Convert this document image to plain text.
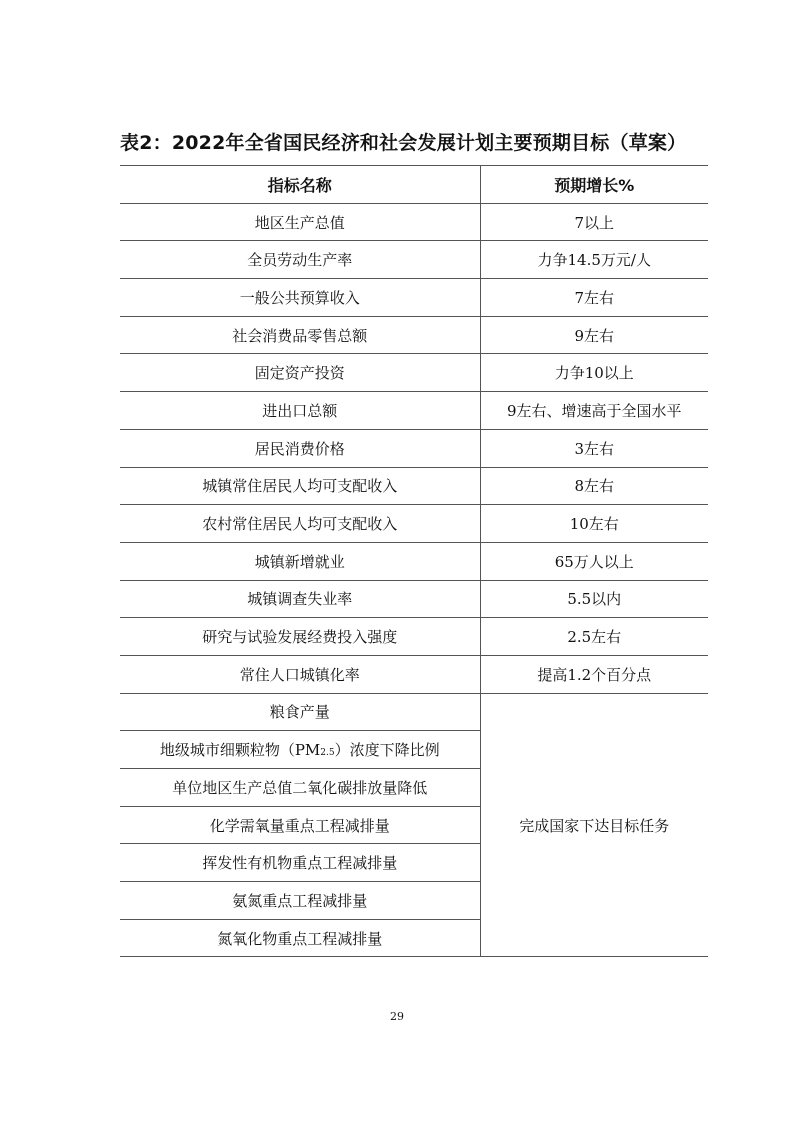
表2：2022年全省国民经济和社会发展计划主要预期目标（草案）
指标名称	预期增长%
地区生产总值	7以上
全员劳动生产率	力争14.5万元/人
一般公共预算收入	7左右
社会消费品零售总额	9左右
固定资产投资	力争10以上
进出口总额	9左右、增速高于全国水平
居民消费价格	3左右
城镇常住居民人均可支配收入	8左右
农村常住居民人均可支配收入	10左右
城镇新增就业	65万人以上
城镇调查失业率	5.5以内
研究与试验发展经费投入强度	2.5左右
常住人口城镇化率	提高1.2个百分点
粮食产量	完成国家下达目标任务
地级城市细颗粒物（PM2.5）浓度下降比例	
单位地区生产总值二氧化碳排放量降低	
化学需氧量重点工程减排量	
挥发性有机物重点工程减排量	
氨氮重点工程减排量	
氮氧化物重点工程减排量	
29
